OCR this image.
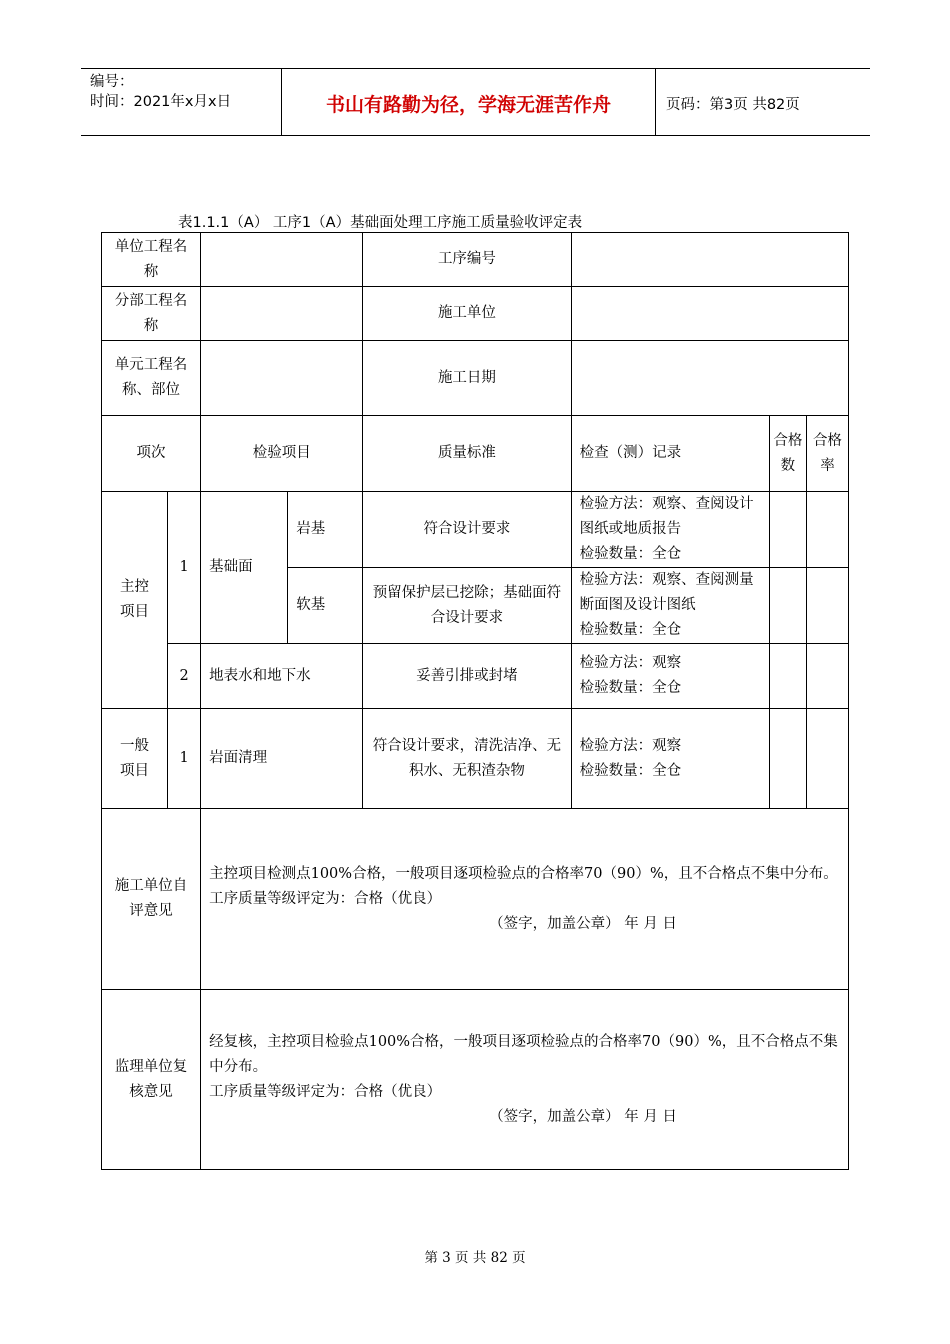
编号：
时间：2021年x月x日	书山有路勤为径，学海无涯苦作舟	页码：第3页 共82页
表1.1.1（A） 工序1（A）基础面处理工序施工质量验收评定表
单位工程名称				工序编号			
分部工程名称				施工单位			
单元工程名称、部位				施工日期			
项次		检验项目		质量标准	检查（测）记录	合格数	合格率
主控项目	1	基础面	岩基	符合设计要求	检验方法：观察、查阅设计图纸或地质报告
检验数量：全仓		

			软基	预留保护层已挖除；基础面符合设计要求	检验方法：观察、查阅测量断面图及设计图纸
检验数量：全仓		

	2	地表水和地下水		妥善引排或封堵	检验方法：观察
检验数量：全仓		

一般项目	1	岩面清理		符合设计要求，清洗洁净、无积水、无积渣杂物	检验方法：观察
检验数量：全仓		

施工单位自评意见		主控项目检测点100%合格，一般项目逐项检验点的合格率70（90）%，且不合格点不集中分布。
工序质量等级评定为：合格（优良）
（签字，加盖公章） 年 月 日					

监理单位复核意见		经复核，主控项目检验点100%合格，一般项目逐项检验点的合格率70（90）%，且不合格点不集中分布。
工序质量等级评定为：合格（优良）
（签字，加盖公章） 年 月 日					
第 3 页 共 82 页
